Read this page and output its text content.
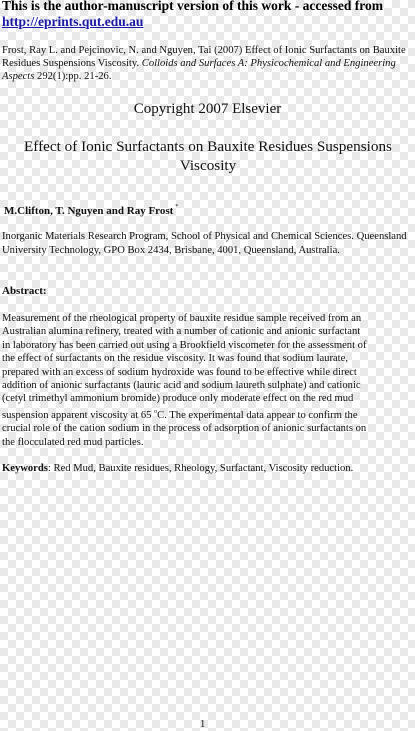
This is the author-manuscript version of this work - accessed from
http://eprints.qut.edu.au
Frost, Ray L. and Pejcinovic, N. and Nguyen, Tai (2007) Effect of Ionic Surfactants on Bauxite Residues Suspensions Viscosity. Colloids and Surfaces A: Physicochemical and Engineering Aspects 292(1):pp. 21-26.
Copyright 2007 Elsevier
Effect of Ionic Surfactants on Bauxite Residues Suspensions Viscosity
M.Clifton, T. Nguyen and Ray Frost *
Inorganic Materials Research Program, School of Physical and Chemical Sciences. Queensland University Technology, GPO Box 2434, Brisbane, 4001, Queensland, Australia.
Abstract:
Measurement of the rheological property of bauxite residue sample received from an
Australian alumina refinery, treated with a number of cationic and anionic surfactant
in laboratory has been carried out using a Brookfield viscometer for the assessment of
the effect of surfactants on the residue viscosity. It was found that sodium laurate,
prepared with an excess of sodium hydroxide was found to be effective while direct
addition of anionic surfactants (lauric acid and sodium laureth sulphate) and cationic
(cetyl trimethyl ammonium bromide) produce only moderate effect on the red mud
suspension apparent viscosity at 65 $^o$C. The experimental data appear to confirm the
crucial role of the cation sodium in the process of adsorption of anionic surfactants on
the flocculated red mud particles.
Keywords: Red Mud, Bauxite residues, Rheology, Surfactant, Viscosity reduction.
1
